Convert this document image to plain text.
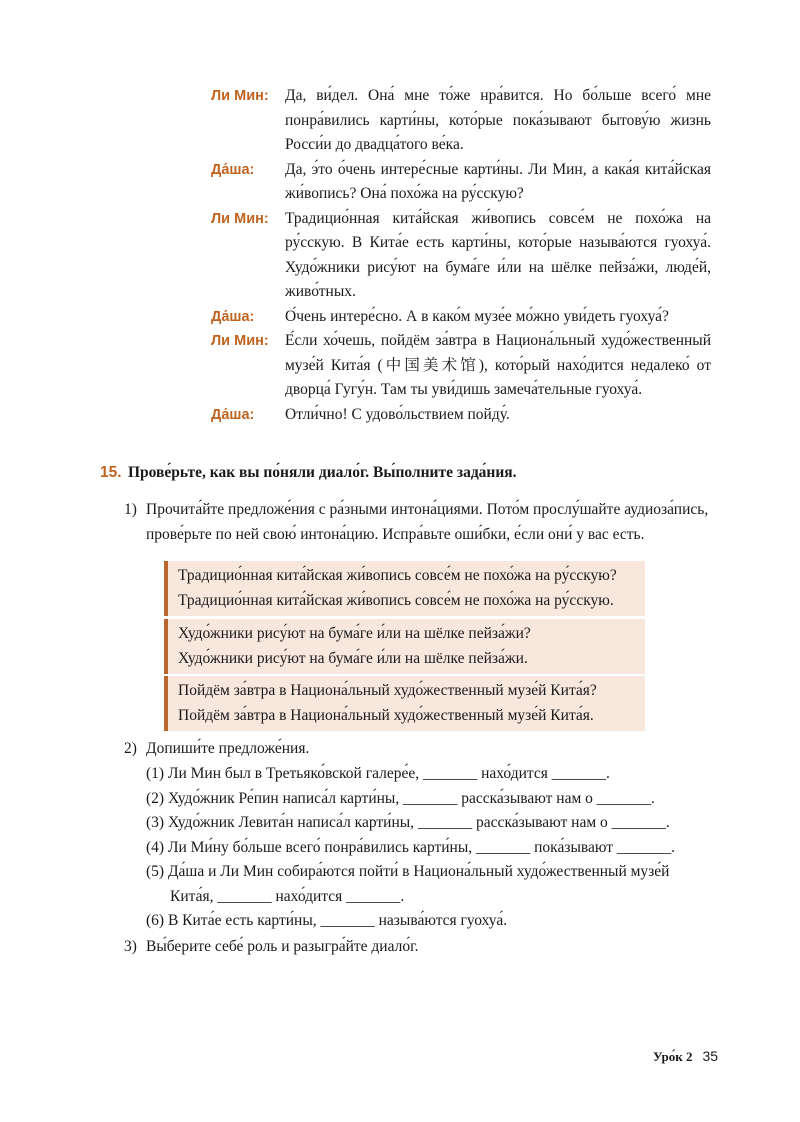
Ли Мин:	Да, ви́дел. Она́ мне то́же нра́вится. Но бо́льше всего́ мне понра́вились карти́ны, кото́рые пока́зывают бытову́ю жизнь Росси́и до двадца́того ве́ка.
Да́ша:	Да, э́то о́чень интере́сные карти́ны. Ли Мин, а кака́я кита́йская жи́вопись? Она́ похо́жа на ру́сскую?
Ли Мин:	Традицио́нная кита́йская жи́вопись совсе́м не похо́жа на ру́сскую. В Кита́е есть карти́ны, кото́рые называ́ются гуохуа́. Худо́жники рису́ют на бума́ге и́ли на шёлке пейза́жи, люде́й, живо́тных.
Да́ша:	О́чень интере́сно. А в како́м музе́е мо́жно уви́деть гуохуа́?
Ли Мин:	Е́сли хо́чешь, пойдём за́втра в Национа́льный худо́жественный музе́й Кита́я (中国美术馆), кото́рый нахо́дится недалеко́ от дворца́ Гугу́н. Там ты уви́дишь замеча́тельные гуохуа́.
Да́ша:	Отли́чно! С удово́льствием пойду́.
15. Прове́рьте, как вы по́няли диало́г. Вы́полните зада́ния.
1) Прочита́йте предложе́ния с ра́зными интона́циями. Пото́м прослу́шайте аудиоза́пись, прове́рьте по ней свою́ интона́цию. Испра́вьте оши́бки, е́сли они́ у вас есть.
Традицио́нная кита́йская жи́вопись совсе́м не похо́жа на ру́сскую?
Традицио́нная кита́йская жи́вопись совсе́м не похо́жа на ру́сскую.
Худо́жники рису́ют на бума́ге и́ли на шёлке пейза́жи?
Худо́жники рису́ют на бума́ге и́ли на шёлке пейза́жи.
Пойдём за́втра в Национа́льный худо́жественный музе́й Кита́я?
Пойдём за́втра в Национа́льный худо́жественный музе́й Кита́я.
2) Допиши́те предложе́ния.
(1) Ли Мин был в Третьяко́вской галере́е, _______ нахо́дится _______.
(2) Худо́жник Ре́пин написа́л карти́ны, _______ расска́зывают нам о _______.
(3) Худо́жник Левита́н написа́л карти́ны, _______ расска́зывают нам о _______.
(4) Ли Ми́ну бо́льше всего́ понра́вились карти́ны, _______ пока́зывают _______.
(5) Да́ша и Ли Мин собира́ются пойти́ в Национа́льный худо́жественный музе́й
Кита́я, _______ нахо́дится _______.
(6) В Кита́е есть карти́ны, _______ называ́ются гуохуа́.
3) Вы́берите себе́ роль и разыгра́йте диало́г.
Уро́к 2 35
